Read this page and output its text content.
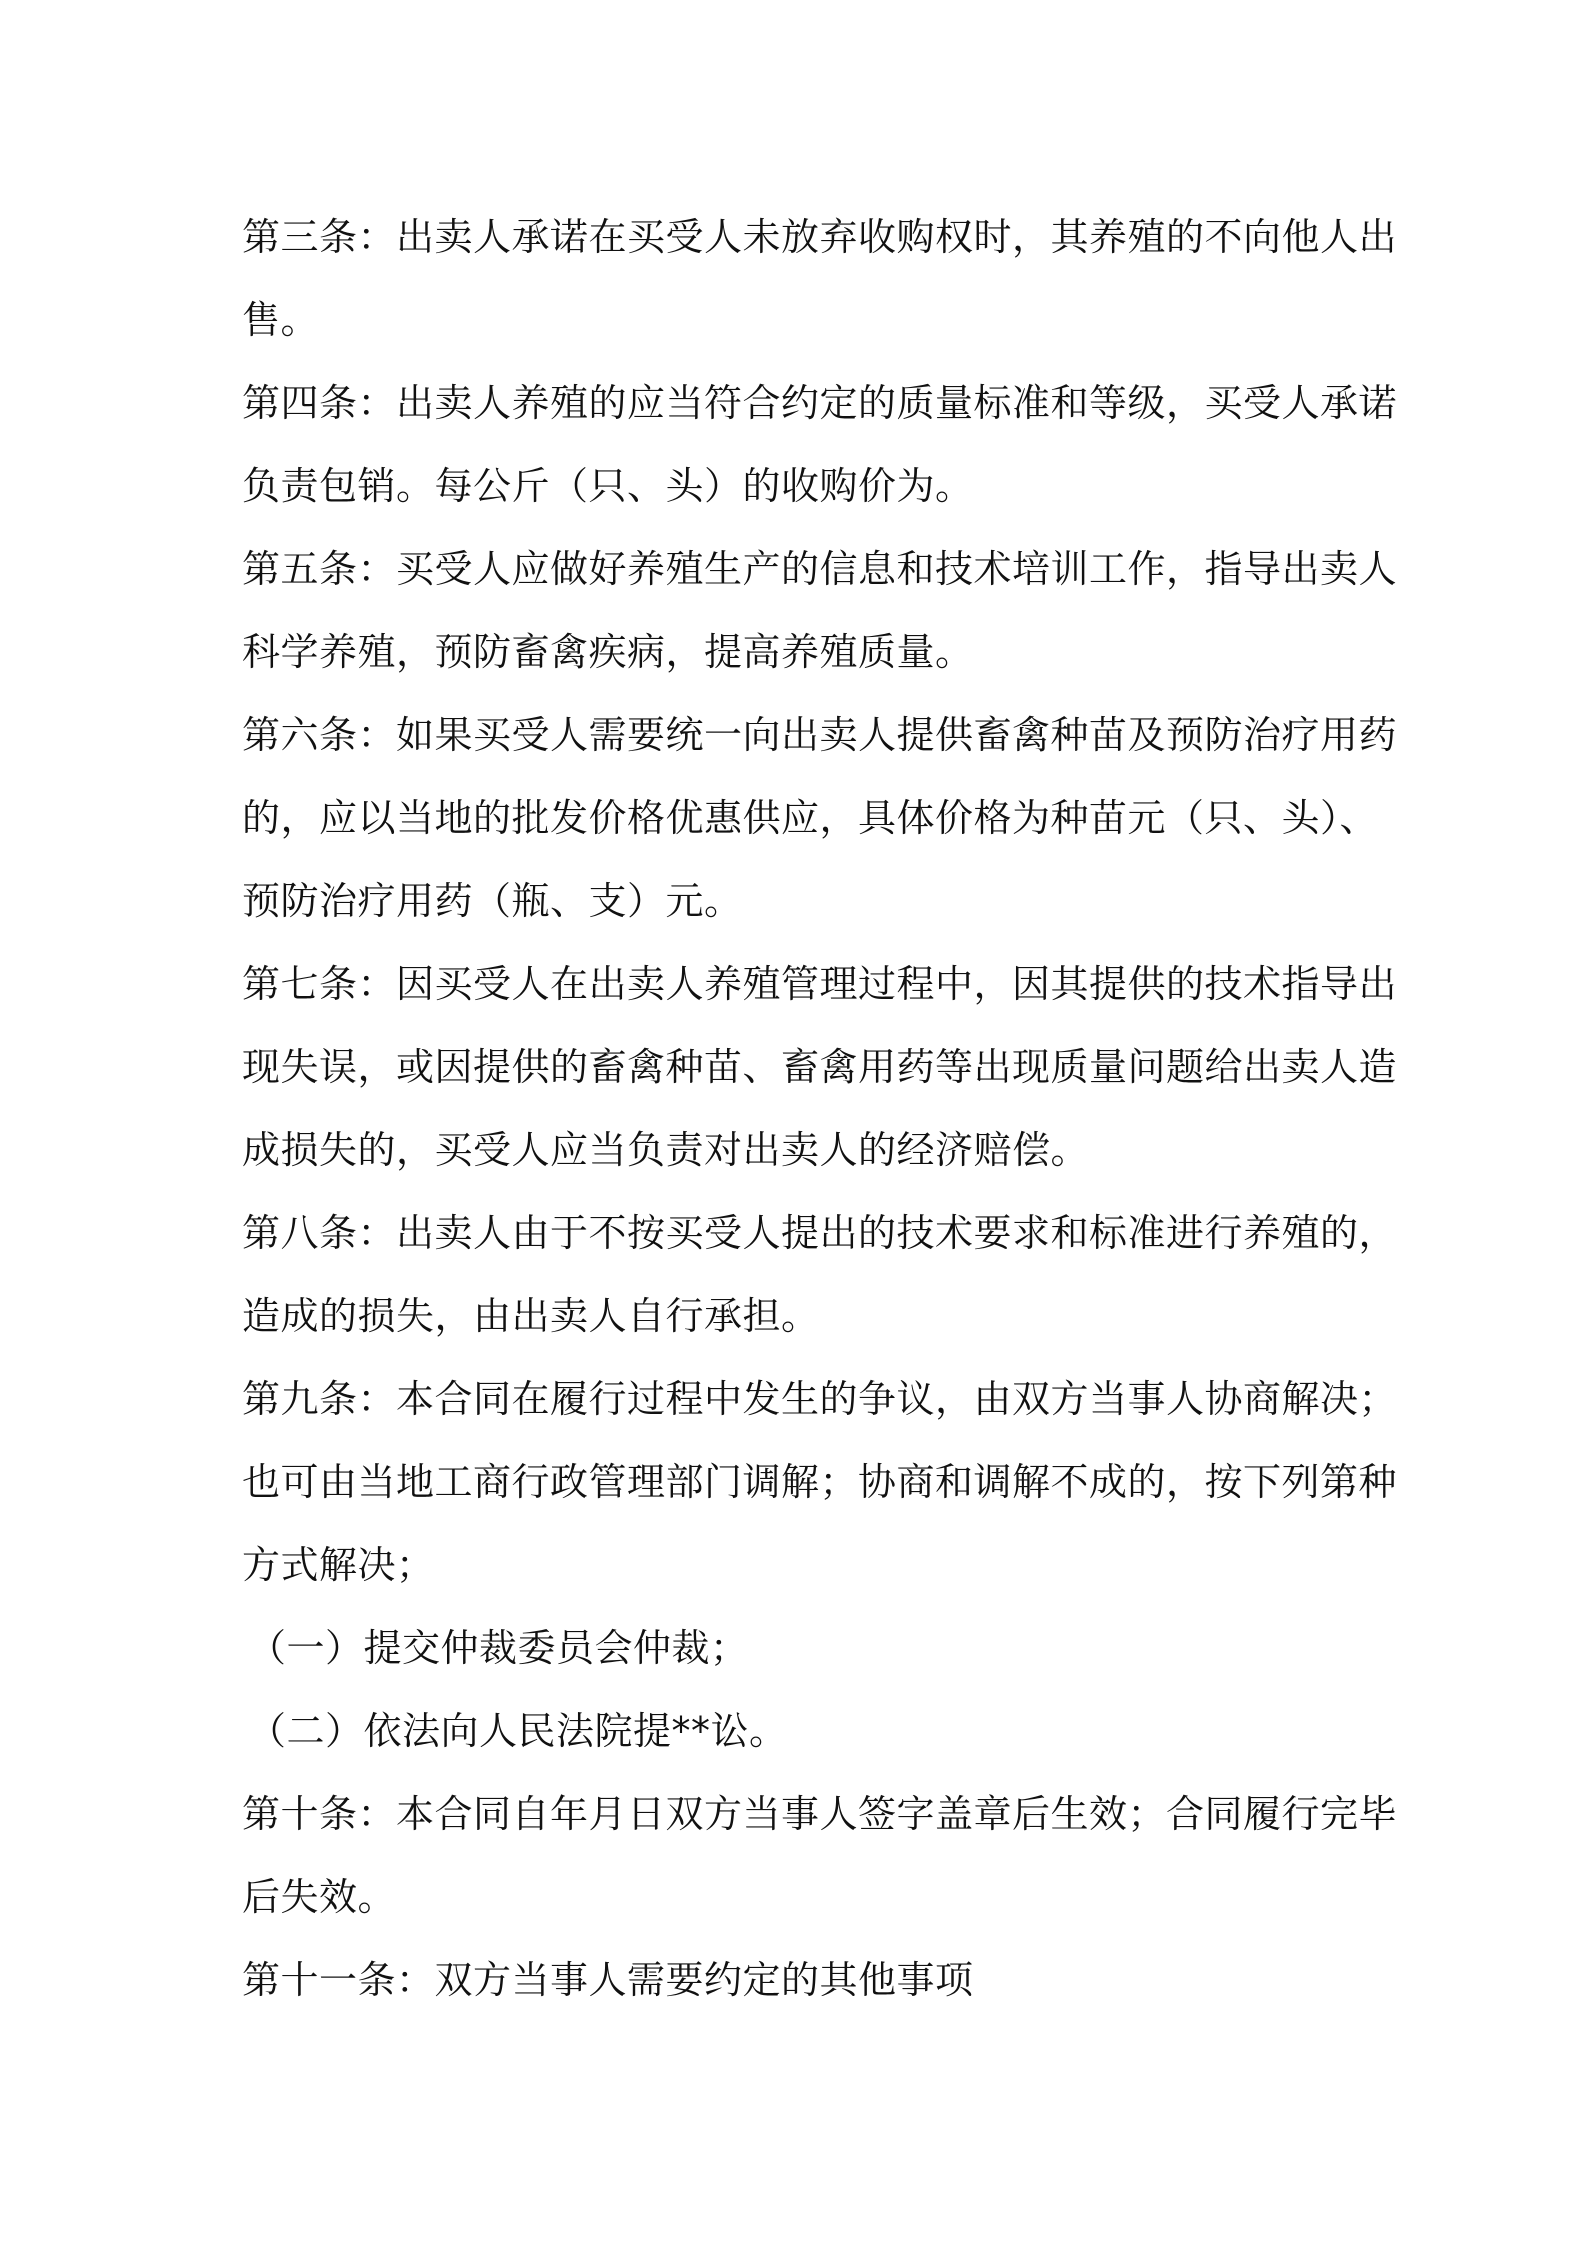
第三条：出卖人承诺在买受人未放弃收购权时，其养殖的不向他人出
售。

第四条：出卖人养殖的应当符合约定的质量标准和等级，买受人承诺
负责包销。每公斤（只、头）的收购价为。

第五条：买受人应做好养殖生产的信息和技术培训工作，指导出卖人
科学养殖，预防畜禽疾病，提高养殖质量。

第六条：如果买受人需要统一向出卖人提供畜禽种苗及预防治疗用药
的，应以当地的批发价格优惠供应，具体价格为种苗元（只、头）、
预防治疗用药（瓶、支）元。

第七条：因买受人在出卖人养殖管理过程中，因其提供的技术指导出
现失误，或因提供的畜禽种苗、畜禽用药等出现质量问题给出卖人造
成损失的，买受人应当负责对出卖人的经济赔偿。

第八条：出卖人由于不按买受人提出的技术要求和标准进行养殖的，
造成的损失，由出卖人自行承担。

第九条：本合同在履行过程中发生的争议，由双方当事人协商解决；
也可由当地工商行政管理部门调解；协商和调解不成的，按下列第种
方式解决；

（一）提交仲裁委员会仲裁；

（二）依法向人民法院提**讼。

第十条：本合同自年月日双方当事人签字盖章后生效；合同履行完毕
后失效。

第十一条：双方当事人需要约定的其他事项
